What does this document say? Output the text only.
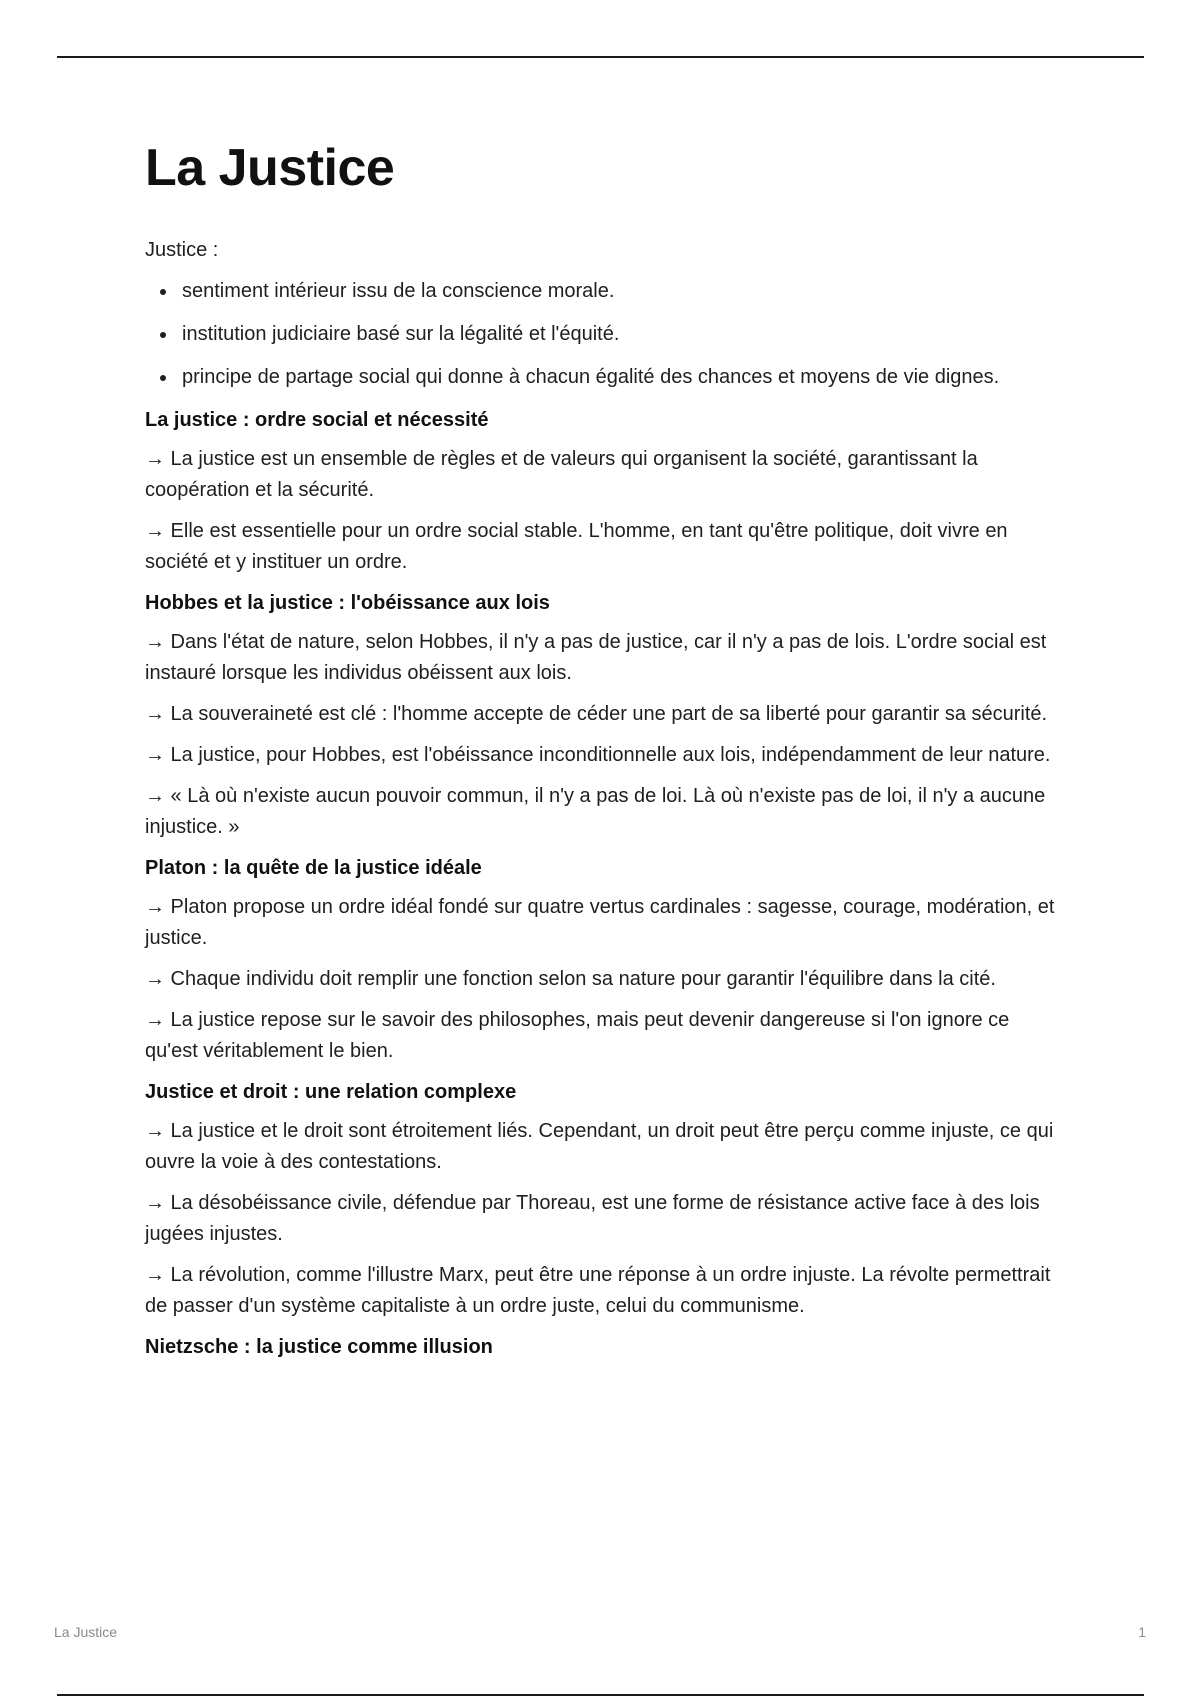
La Justice

Justice :

sentiment intérieur issu de la conscience morale.
institution judiciaire basé sur la légalité et l'équité.
principe de partage social qui donne à chacun égalité des chances et moyens de vie dignes.
La justice : ordre social et nécessité

→ La justice est un ensemble de règles et de valeurs qui organisent la société, garantissant la coopération et la sécurité.

→ Elle est essentielle pour un ordre social stable. L'homme, en tant qu'être politique, doit vivre en société et y instituer un ordre.

Hobbes et la justice : l'obéissance aux lois

→ Dans l'état de nature, selon Hobbes, il n'y a pas de justice, car il n'y a pas de lois. L'ordre social est instauré lorsque les individus obéissent aux lois.

→ La souveraineté est clé : l'homme accepte de céder une part de sa liberté pour garantir sa sécurité.

→ La justice, pour Hobbes, est l'obéissance inconditionnelle aux lois, indépendamment de leur nature.

→ « Là où n'existe aucun pouvoir commun, il n'y a pas de loi. Là où n'existe pas de loi, il n'y a aucune injustice. »

Platon : la quête de la justice idéale

→ Platon propose un ordre idéal fondé sur quatre vertus cardinales : sagesse, courage, modération, et justice.

→ Chaque individu doit remplir une fonction selon sa nature pour garantir l'équilibre dans la cité.

→ La justice repose sur le savoir des philosophes, mais peut devenir dangereuse si l'on ignore ce qu'est véritablement le bien.

Justice et droit : une relation complexe

→ La justice et le droit sont étroitement liés. Cependant, un droit peut être perçu comme injuste, ce qui ouvre la voie à des contestations.

→ La désobéissance civile, défendue par Thoreau, est une forme de résistance active face à des lois jugées injustes.

→ La révolution, comme l'illustre Marx, peut être une réponse à un ordre injuste. La révolte permettrait de passer d'un système capitaliste à un ordre juste, celui du communisme.

Nietzsche : la justice comme illusion
La Justice	1
